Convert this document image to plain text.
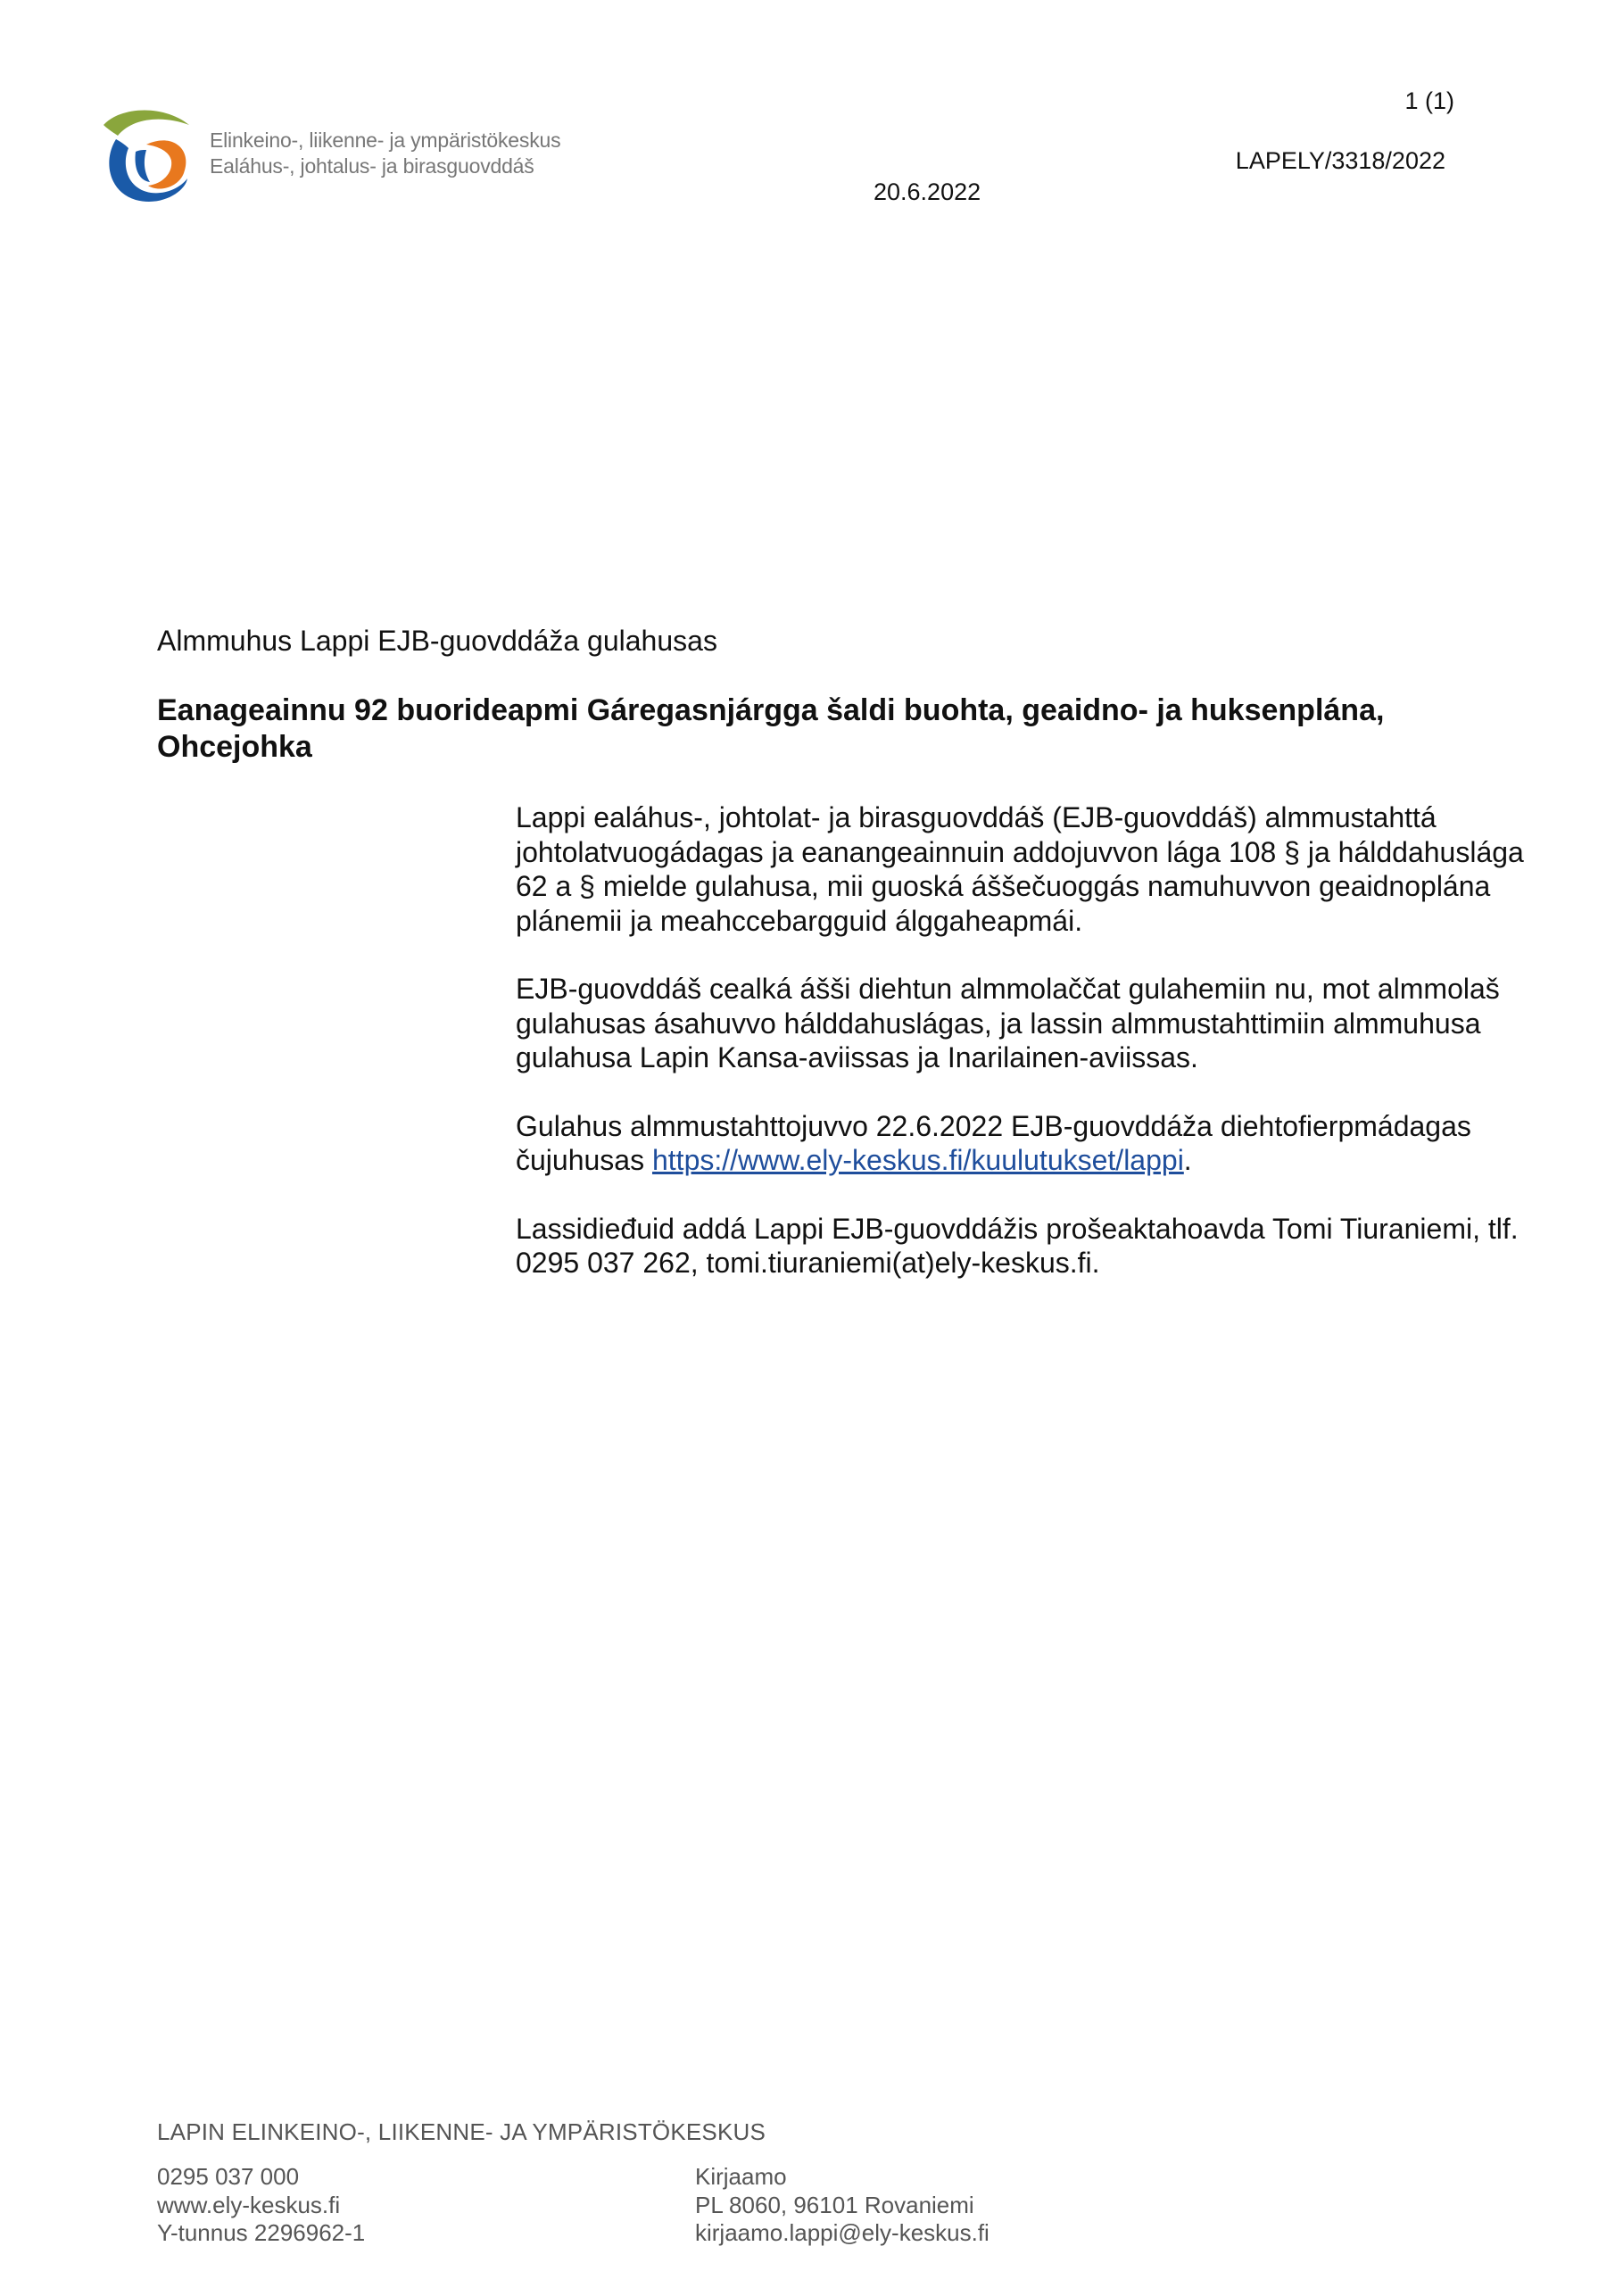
Elinkeino-, liikenne- ja ympäristökeskus
Ealáhus-, johtalus- ja birasguovddáš
1 (1)
LAPELY/3318/2022
20.6.2022
Almmuhus Lappi EJB-guovddáža gulahusas
Eanageainnu 92 buorideapmi Gáregasnjárgga šaldi buohta, geaidno- ja huksenplána, Ohcejohka

Lappi ealáhus-, johtolat- ja birasguovddáš (EJB-guovddáš) almmustahttá johtolatvuogádagas ja eanangeainnuin addojuvvon lága 108 § ja hálddahuslága 62 a § mielde gulahusa, mii guoská áššečuoggás namuhuvvon geaidnoplána plánemii ja meahccebargguid álggaheapmái.

EJB-guovddáš cealká ášši diehtun almmolaččat gulahemiin nu, mot almmolaš gulahusas ásahuvvo hálddahuslágas, ja lassin almmustahttimiin almmuhusa gulahusa Lapin Kansa-aviissas ja Inarilainen-aviissas.

Gulahus almmustahttojuvvo 22.6.2022 EJB-guovddáža diehtofierpmádagas čujuhusas https://www.ely-keskus.fi/kuulutukset/lappi.

Lassidieđuid addá Lappi EJB-guovddážis prošeaktahoavda Tomi Tiuraniemi, tlf. 0295 037 262, tomi.tiuraniemi(at)ely-keskus.fi.

LAPIN ELINKEINO-, LIIKENNE- JA YMPÄRISTÖKESKUS
0295 037 000
www.ely-keskus.fi
Y-tunnus 2296962-1
Kirjaamo
PL 8060, 96101 Rovaniemi
kirjaamo.lappi@ely-keskus.fi
